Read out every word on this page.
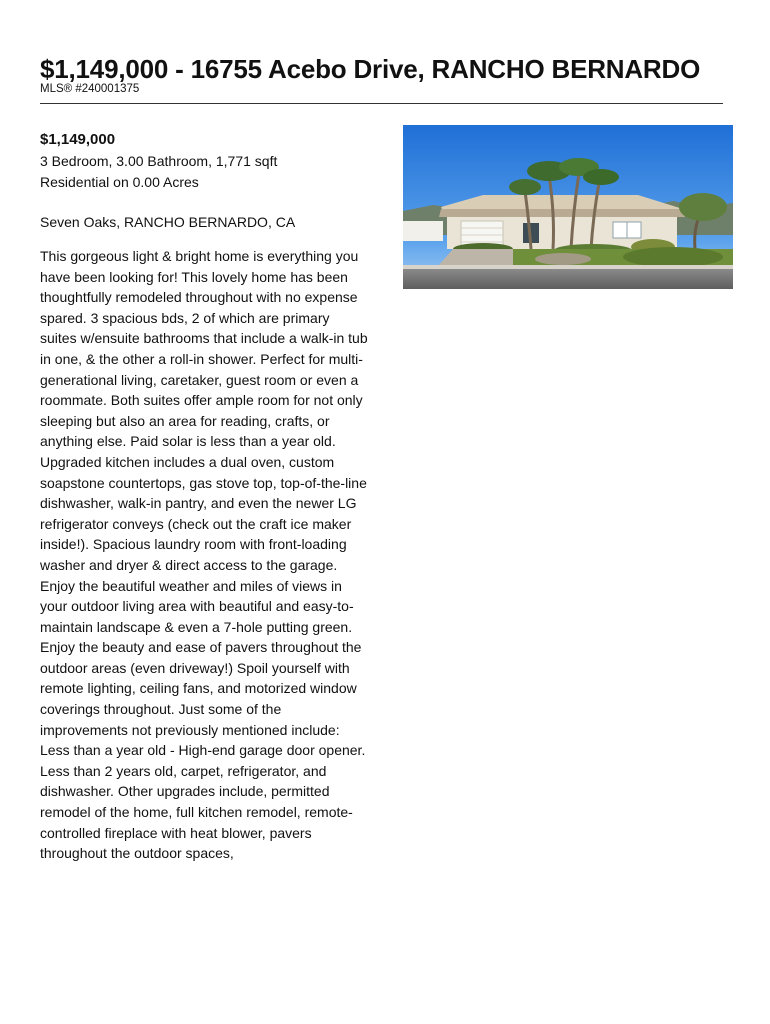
$1,149,000 - 16755 Acebo Drive, RANCHO BERNARDO
MLS® #240001375
$1,149,000
3 Bedroom, 3.00 Bathroom, 1,771 sqft
Residential on 0.00 Acres
Seven Oaks, RANCHO BERNARDO, CA

This gorgeous light & bright home is everything you have been looking for! This lovely home has been thoughtfully remodeled throughout with no expense spared. 3 spacious bds, 2 of which are primary suites w/ensuite bathrooms that include a walk-in tub in one, & the other a roll-in shower. Perfect for multi-generational living, caretaker, guest room or even a roommate. Both suites offer ample room for not only sleeping but also an area for reading, crafts, or anything else. Paid solar is less than a year old. Upgraded kitchen includes a dual oven, custom soapstone countertops, gas stove top, top-of-the-line dishwasher, walk-in pantry, and even the newer LG refrigerator conveys (check out the craft ice maker inside!). Spacious laundry room with front-loading washer and dryer & direct access to the garage. Enjoy the beautiful weather and miles of views in your outdoor living area with beautiful and easy-to-maintain landscape & even a 7-hole putting green. Enjoy the beauty and ease of pavers throughout the outdoor areas (even driveway!) Spoil yourself with remote lighting, ceiling fans, and motorized window coverings throughout. Just some of the improvements not previously mentioned include: Less than a year old - High-end garage door opener. Less than 2 years old, carpet, refrigerator, and dishwasher. Other upgrades include, permitted remodel of the home, full kitchen remodel, remote-controlled fireplace with heat blower, pavers throughout the outdoor spaces,
